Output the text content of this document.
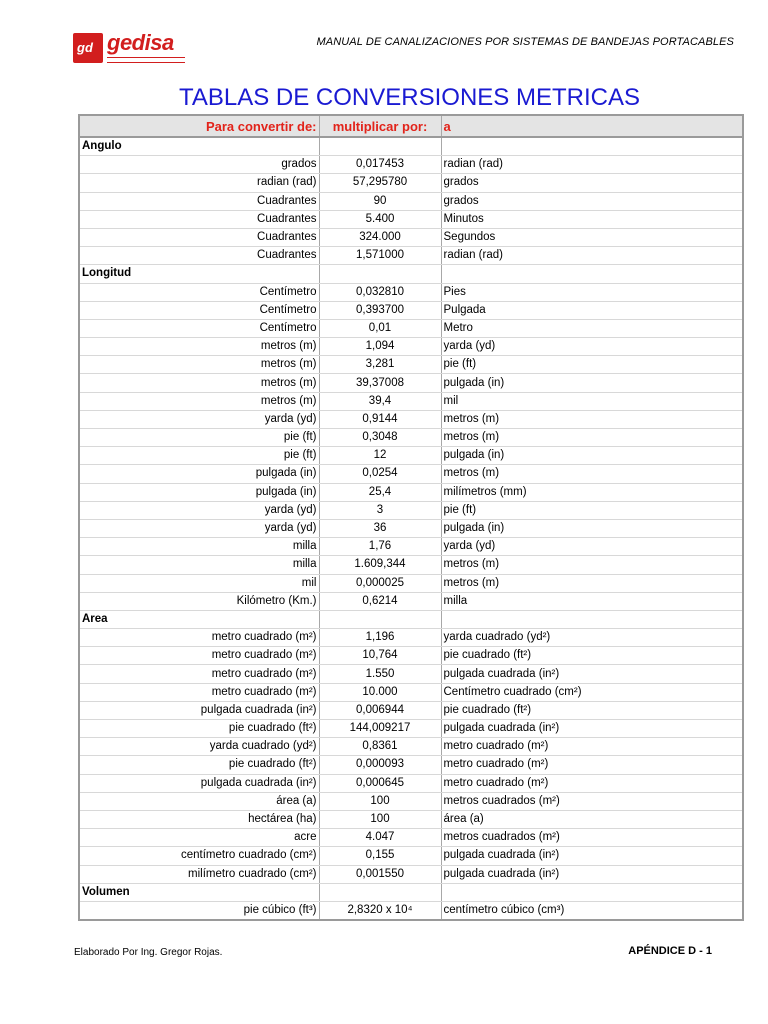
gd gedisa	MANUAL DE CANALIZACIONES POR SISTEMAS DE BANDEJAS PORTACABLES
TABLAS DE CONVERSIONES METRICAS
Para convertir de:	multiplicar por:	a
Angulo		
grados	0,017453	radian (rad)
radian (rad)	57,295780	grados
Cuadrantes	90	grados
Cuadrantes	5.400	Minutos
Cuadrantes	324.000	Segundos
Cuadrantes	1,571000	radian (rad)
Longitud		
Centímetro	0,032810	Pies
Centímetro	0,393700	Pulgada
Centímetro	0,01	Metro
metros (m)	1,094	yarda (yd)
metros (m)	3,281	pie (ft)
metros (m)	39,37008	pulgada (in)
metros (m)	39,4	mil
yarda (yd)	0,9144	metros (m)
pie (ft)	0,3048	metros (m)
pie (ft)	12	pulgada (in)
pulgada (in)	0,0254	metros (m)
pulgada (in)	25,4	milímetros (mm)
yarda (yd)	3	pie (ft)
yarda (yd)	36	pulgada (in)
milla	1,76	yarda (yd)
milla	1.609,344	metros (m)
mil	0,000025	metros (m)
Kilómetro (Km.)	0,6214	milla
Area		
metro cuadrado (m²)	1,196	yarda cuadrado (yd²)
metro cuadrado (m²)	10,764	pie cuadrado (ft²)
metro cuadrado (m²)	1.550	pulgada cuadrada (in²)
metro cuadrado (m²)	10.000	Centímetro cuadrado (cm²)
pulgada cuadrada (in²)	0,006944	pie cuadrado (ft²)
pie cuadrado (ft²)	144,009217	pulgada cuadrada (in²)
yarda cuadrado (yd²)	0,8361	metro cuadrado (m²)
pie cuadrado (ft²)	0,000093	metro cuadrado (m²)
pulgada cuadrada (in²)	0,000645	metro cuadrado (m²)
área (a)	100	metros cuadrados (m²)
hectárea (ha)	100	área (a)
acre	4.047	metros cuadrados (m²)
centímetro cuadrado (cm²)	0,155	pulgada cuadrada (in²)
milímetro cuadrado (cm²)	0,001550	pulgada cuadrada (in²)
Volumen		
pie cúbico (ft³)	2,8320 x 10⁴	centímetro cúbico (cm³)
Elaborado Por Ing. Gregor Rojas.	APÉNDICE D - 1
